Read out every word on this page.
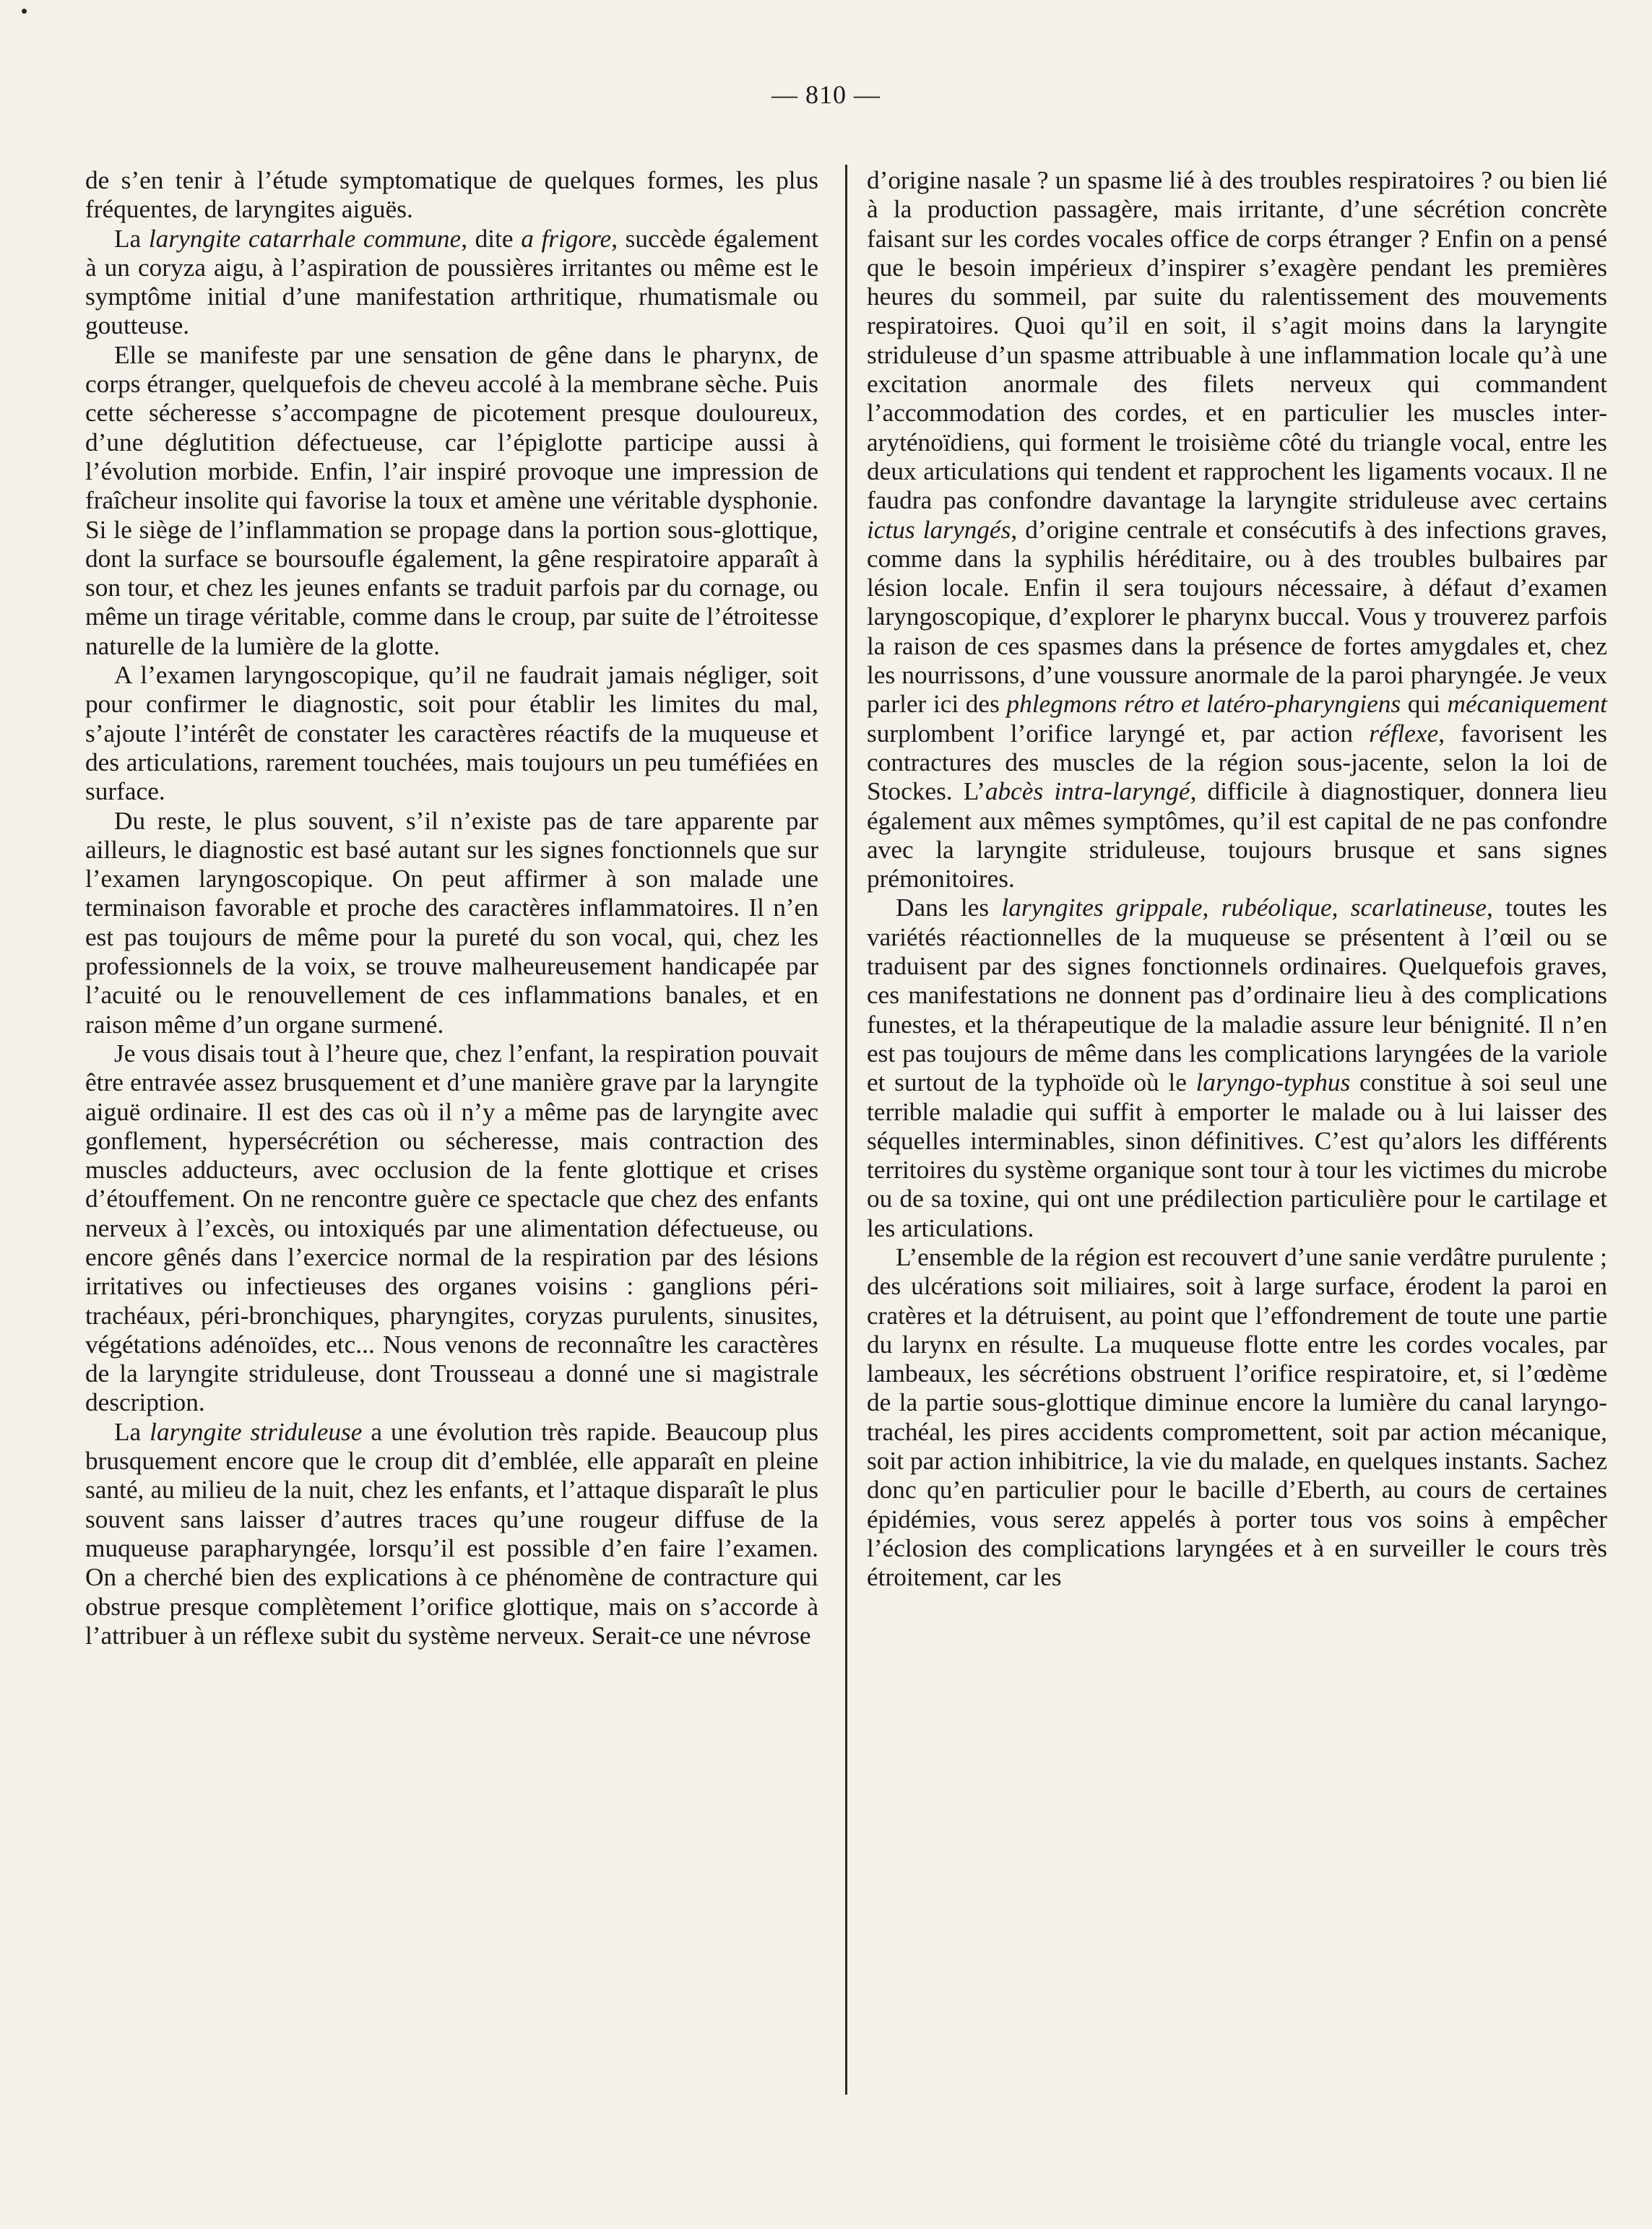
— 810 —

de s’en tenir à l’étude symptomatique de quelques formes, les plus fréquentes, de laryngites aiguës.

La laryngite catarrhale commune, dite a frigore, succède également à un coryza aigu, à l’aspiration de poussières irritantes ou même est le symptôme initial d’une manifestation arthritique, rhumatismale ou goutteuse.

Elle se manifeste par une sensation de gêne dans le pharynx, de corps étranger, quelquefois de cheveu accolé à la membrane sèche. Puis cette sécheresse s’accompagne de picotement presque douloureux, d’une déglutition défectueuse, car l’épiglotte participe aussi à l’évolution morbide. Enfin, l’air inspiré provoque une impression de fraîcheur insolite qui favorise la toux et amène une véritable dysphonie. Si le siège de l’inflammation se propage dans la portion sous-glottique, dont la surface se boursoufle également, la gêne respiratoire apparaît à son tour, et chez les jeunes enfants se traduit parfois par du cornage, ou même un tirage véritable, comme dans le croup, par suite de l’étroitesse naturelle de la lumière de la glotte.

A l’examen laryngoscopique, qu’il ne faudrait jamais négliger, soit pour confirmer le diagnostic, soit pour établir les limites du mal, s’ajoute l’intérêt de constater les caractères réactifs de la muqueuse et des articulations, rarement touchées, mais toujours un peu tuméfiées en surface.

Du reste, le plus souvent, s’il n’existe pas de tare apparente par ailleurs, le diagnostic est basé autant sur les signes fonctionnels que sur l’examen laryngoscopique. On peut affirmer à son malade une terminaison favorable et proche des caractères inflammatoires. Il n’en est pas toujours de même pour la pureté du son vocal, qui, chez les professionnels de la voix, se trouve malheureusement handicapée par l’acuité ou le renouvellement de ces inflammations banales, et en raison même d’un organe surmené.

Je vous disais tout à l’heure que, chez l’enfant, la respiration pouvait être entravée assez brusquement et d’une manière grave par la laryngite aiguë ordinaire. Il est des cas où il n’y a même pas de laryngite avec gonflement, hypersécrétion ou sécheresse, mais contraction des muscles adducteurs, avec occlusion de la fente glottique et crises d’étouffement. On ne rencontre guère ce spectacle que chez des enfants nerveux à l’excès, ou intoxiqués par une alimentation défectueuse, ou encore gênés dans l’exercice normal de la respiration par des lésions irritatives ou infectieuses des organes voisins : ganglions péri-trachéaux, péri-bronchiques, pharyngites, coryzas purulents, sinusites, végétations adénoïdes, etc... Nous venons de reconnaître les caractères de la laryngite striduleuse, dont Trousseau a donné une si magistrale description.

La laryngite striduleuse a une évolution très rapide. Beaucoup plus brusquement encore que le croup dit d’emblée, elle apparaît en pleine santé, au milieu de la nuit, chez les enfants, et l’attaque disparaît le plus souvent sans laisser d’autres traces qu’une rougeur diffuse de la muqueuse parapharyngée, lorsqu’il est possible d’en faire l’examen. On a cherché bien des explications à ce phénomène de contracture qui obstrue presque complètement l’orifice glottique, mais on s’accorde à l’attribuer à un réflexe subit du système nerveux. Serait-ce une névrose

d’origine nasale ? un spasme lié à des troubles respiratoires ? ou bien lié à la production passagère, mais irritante, d’une sécrétion concrète faisant sur les cordes vocales office de corps étranger ? Enfin on a pensé que le besoin impérieux d’inspirer s’exagère pendant les premières heures du sommeil, par suite du ralentissement des mouvements respiratoires. Quoi qu’il en soit, il s’agit moins dans la laryngite striduleuse d’un spasme attribuable à une inflammation locale qu’à une excitation anormale des filets nerveux qui commandent l’accommodation des cordes, et en particulier les muscles inter-aryténoïdiens, qui forment le troisième côté du triangle vocal, entre les deux articulations qui tendent et rapprochent les ligaments vocaux. Il ne faudra pas confondre davantage la laryngite striduleuse avec certains ictus laryngés, d’origine centrale et consécutifs à des infections graves, comme dans la syphilis héréditaire, ou à des troubles bulbaires par lésion locale. Enfin il sera toujours nécessaire, à défaut d’examen laryngoscopique, d’explorer le pharynx buccal. Vous y trouverez parfois la raison de ces spasmes dans la présence de fortes amygdales et, chez les nourrissons, d’une voussure anormale de la paroi pharyngée. Je veux parler ici des phlegmons rétro et latéro-pharyngiens qui mécaniquement surplombent l’orifice laryngé et, par action réflexe, favorisent les contractures des muscles de la région sous-jacente, selon la loi de Stockes. L’abcès intra-laryngé, difficile à diagnostiquer, donnera lieu également aux mêmes symptômes, qu’il est capital de ne pas confondre avec la laryngite striduleuse, toujours brusque et sans signes prémonitoires.

Dans les laryngites grippale, rubéolique, scarlatineuse, toutes les variétés réactionnelles de la muqueuse se présentent à l’œil ou se traduisent par des signes fonctionnels ordinaires. Quelquefois graves, ces manifestations ne donnent pas d’ordinaire lieu à des complications funestes, et la thérapeutique de la maladie assure leur bénignité. Il n’en est pas toujours de même dans les complications laryngées de la variole et surtout de la typhoïde où le laryngo-typhus constitue à soi seul une terrible maladie qui suffit à emporter le malade ou à lui laisser des séquelles interminables, sinon définitives. C’est qu’alors les différents territoires du système organique sont tour à tour les victimes du microbe ou de sa toxine, qui ont une prédilection particulière pour le cartilage et les articulations.

L’ensemble de la région est recouvert d’une sanie verdâtre purulente ; des ulcérations soit miliaires, soit à large surface, érodent la paroi en cratères et la détruisent, au point que l’effondrement de toute une partie du larynx en résulte. La muqueuse flotte entre les cordes vocales, par lambeaux, les sécrétions obstruent l’orifice respiratoire, et, si l’œdème de la partie sous-glottique diminue encore la lumière du canal laryngo-trachéal, les pires accidents compromettent, soit par action mécanique, soit par action inhibitrice, la vie du malade, en quelques instants. Sachez donc qu’en particulier pour le bacille d’Eberth, au cours de certaines épidémies, vous serez appelés à porter tous vos soins à empêcher l’éclosion des complications laryngées et à en surveiller le cours très étroitement, car les
